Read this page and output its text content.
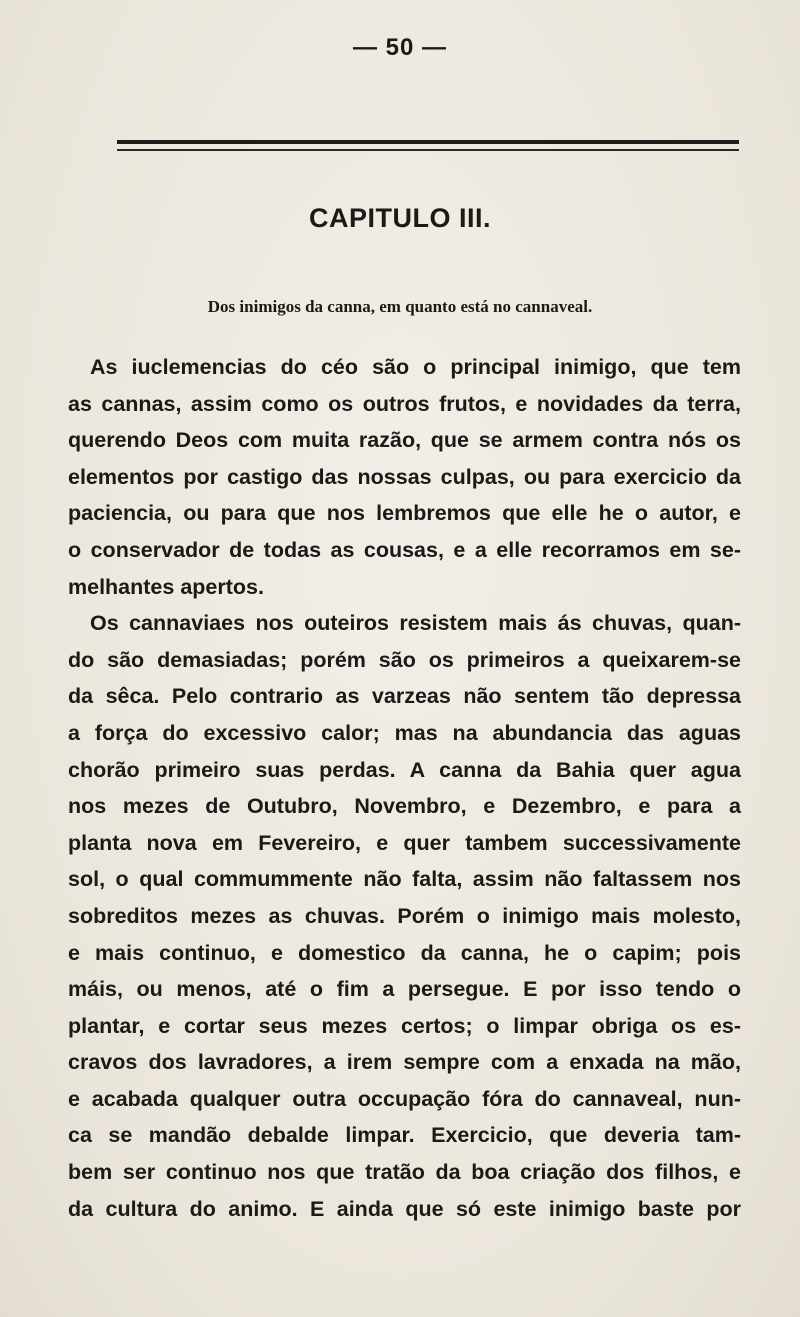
— 50 —
CAPITULO III.
Dos inimigos da canna, em quanto está no cannaveal.
As iuclemencias do céo são o principal inimigo, que tem
as cannas, assim como os outros frutos, e novidades da terra,
querendo Deos com muita razão, que se armem contra nós os
elementos por castigo das nossas culpas, ou para exercicio da
paciencia, ou para que nos lembremos que elle he o autor, e
o conservador de todas as cousas, e a elle recorramos em se-
melhantes apertos.
Os cannaviaes nos outeiros resistem mais ás chuvas, quan-
do são demasiadas; porém são os primeiros a queixarem-se
da sêca. Pelo contrario as varzeas não sentem tão depressa
a força do excessivo calor; mas na abundancia das aguas
chorão primeiro suas perdas. A canna da Bahia quer agua
nos mezes de Outubro, Novembro, e Dezembro, e para a
planta nova em Fevereiro, e quer tambem successivamente
sol, o qual commummente não falta, assim não faltassem nos
sobreditos mezes as chuvas. Porém o inimigo mais molesto,
e mais continuo, e domestico da canna, he o capim; pois
máis, ou menos, até o fim a persegue. E por isso tendo o
plantar, e cortar seus mezes certos; o limpar obriga os es-
cravos dos lavradores, a irem sempre com a enxada na mão,
e acabada qualquer outra occupação fóra do cannaveal, nun-
ca se mandão debalde limpar. Exercicio, que deveria tam-
bem ser continuo nos que tratão da boa criação dos filhos, e
da cultura do animo. E ainda que só este inimigo baste por
